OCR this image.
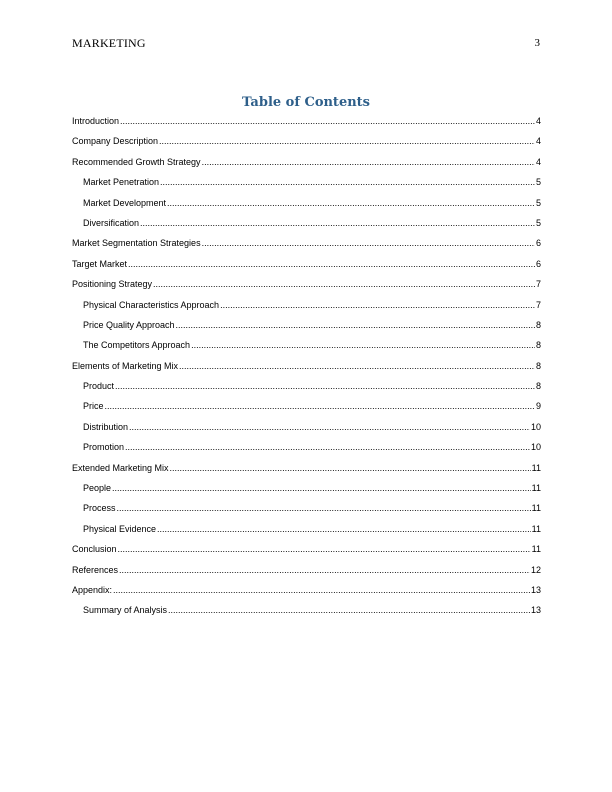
MARKETING	3
Table of Contents
Introduction .....	4
Company Description .....	4
Recommended Growth Strategy .....	4
Market Penetration .....	5
Market Development .....	5
Diversification .....	5
Market Segmentation Strategies .....	6
Target Market .....	6
Positioning Strategy .....	7
Physical Characteristics Approach .....	7
Price Quality Approach .....	8
The Competitors Approach .....	8
Elements of Marketing Mix .....	8
Product .....	8
Price .....	9
Distribution .....	10
Promotion .....	10
Extended Marketing Mix .....	11
People .....	11
Process .....	11
Physical Evidence .....	11
Conclusion .....	11
References .....	12
Appendix: .....	13
Summary of Analysis .....	13
